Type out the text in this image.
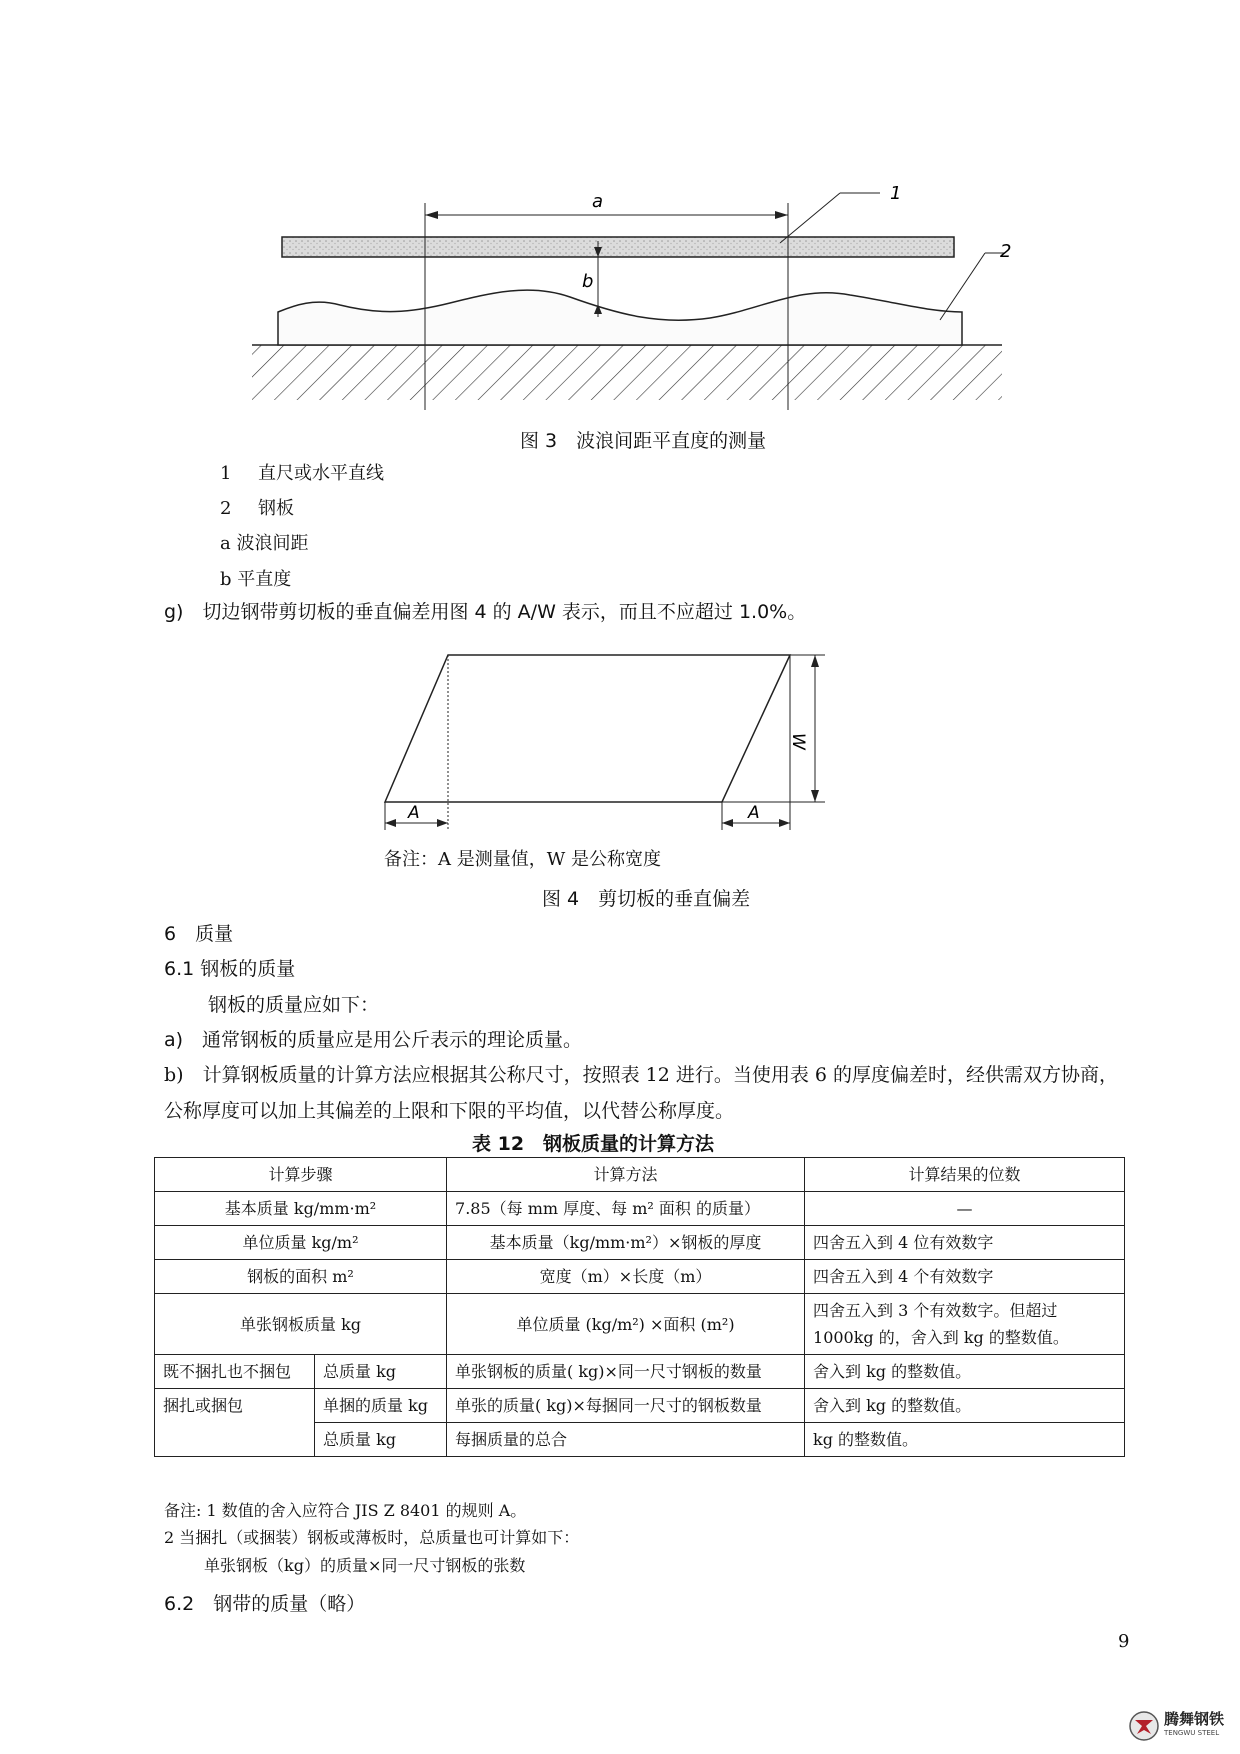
a
b
1
2
图 3　波浪间距平直度的测量
1 直尺或水平直线
2 钢板
a 波浪间距
b 平直度
g)　切边钢带剪切板的垂直偏差用图 4 的 A/W 表示，而且不应超过 1.0%。
W
A	A
备注：A 是测量值，W 是公称宽度
图 4　剪切板的垂直偏差
6　质量
6.1 钢板的质量
钢板的质量应如下：
a)　通常钢板的质量应是用公斤表示的理论质量。
b)　计算钢板质量的计算方法应根据其公称尺寸，按照表 12 进行。当使用表 6 的厚度偏差时，经供需双方协商，公称厚度可以加上其偏差的上限和下限的平均值，以代替公称厚度。
表 12　钢板质量的计算方法
计算步骤		计算方法	计算结果的位数
基本质量 kg/mm·m²		7.85（每 mm 厚度、每 m² 面积 的质量）	—
单位质量 kg/m²		基本质量（kg/mm·m²）×钢板的厚度	四舍五入到 4 位有效数字
钢板的面积 m²		宽度（m）×长度（m）	四舍五入到 4 个有效数字
单张钢板质量 kg		单位质量 (kg/m²) ×面积 (m²)	四舍五入到 3 个有效数字。但超过 1000kg 的，舍入到 kg 的整数值。
既不捆扎也不捆包	总质量 kg	单张钢板的质量( kg)×同一尺寸钢板的数量	舍入到 kg 的整数值。
捆扎或捆包	单捆的质量 kg	单张的质量( kg)×每捆同一尺寸的钢板数量	舍入到 kg 的整数值。
	总质量 kg	每捆质量的总合	kg 的整数值。
备注: 1 数值的舍入应符合 JIS Z 8401 的规则 A。
2 当捆扎（或捆装）钢板或薄板时，总质量也可计算如下：
单张钢板（kg）的质量×同一尺寸钢板的张数
6.2　钢带的质量（略）
9
腾舞钢铁
TENGWU STEEL
